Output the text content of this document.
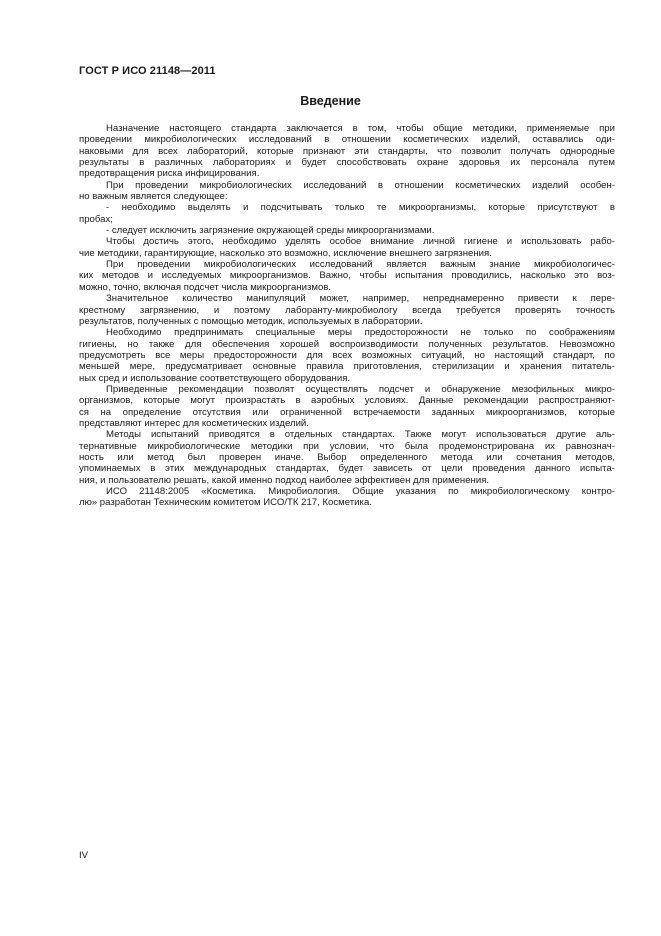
ГОСТ Р ИСО 21148—2011
Введение

Назначение настоящего стандарта заключается в том, чтобы общие методики, применяемые при
проведении микробиологических исследований в отношении косметических изделий, оставались оди-
наковыми для всех лабораторий, которые признают эти стандарты, что позволит получать однородные
результаты в различных лабораториях и будет способствовать охране здоровья их персонала путем
предотвращения риска инфицирования.

При проведении микробиологических исследований в отношении косметических изделий особен-
но важным является следующее:

- необходимо выделять и подсчитывать только те микроорганизмы, которые присутствуют в
пробах;

- следует исключить загрязнение окружающей среды микроорганизмами.

Чтобы достичь этого, необходимо уделять особое внимание личной гигиене и использовать рабо-
чие методики, гарантирующие, насколько это возможно, исключение внешнего загрязнения.

При проведении микробиологических исследований является важным знание микробиологичес-
ких методов и исследуемых микроорганизмов. Важно, чтобы испытания проводились, насколько это воз-
можно, точно, включая подсчет числа микроорганизмов.

Значительное количество манипуляций может, например, непреднамеренно привести к пере-
крестному загрязнению, и поэтому лаборанту-микробиологу всегда требуется проверять точность
результатов, полученных с помощью методик, используемых в лаборатории.

Необходимо предпринимать специальные меры предосторожности не только по соображениям
гигиены, но также для обеспечения хорошей воспроизводимости полученных результатов. Невозможно
предусмотреть все меры предосторожности для всех возможных ситуаций, но настоящий стандарт, по
меньшей мере, предусматривает основные правила приготовления, стерилизации и хранения питатель-
ных сред и использование соответствующего оборудования.

Приведенные рекомендации позволят осуществлять подсчет и обнаружение мезофильных микро-
организмов, которые могут произрастать в аэробных условиях. Данные рекомендации распространяют-
ся на определение отсутствия или ограниченной встречаемости заданных микроорганизмов, которые
представляют интерес для косметических изделий.

Методы испытаний приводятся в отдельных стандартах. Также могут использоваться другие аль-
тернативные микробиологические методики при условии, что была продемонстрирована их равнознач-
ность или метод был проверен иначе. Выбор определенного метода или сочетания методов,
упоминаемых в этих международных стандартах, будет зависеть от цели проведения данного испыта-
ния, и пользователю решать, какой именно подход наиболее эффективен для применения.

ИСО 21148:2005 «Косметика. Микробиология. Общие указания по микробиологическому контро-
лю» разработан Техническим комитетом ИСО/ТК 217, Косметика.

IV
